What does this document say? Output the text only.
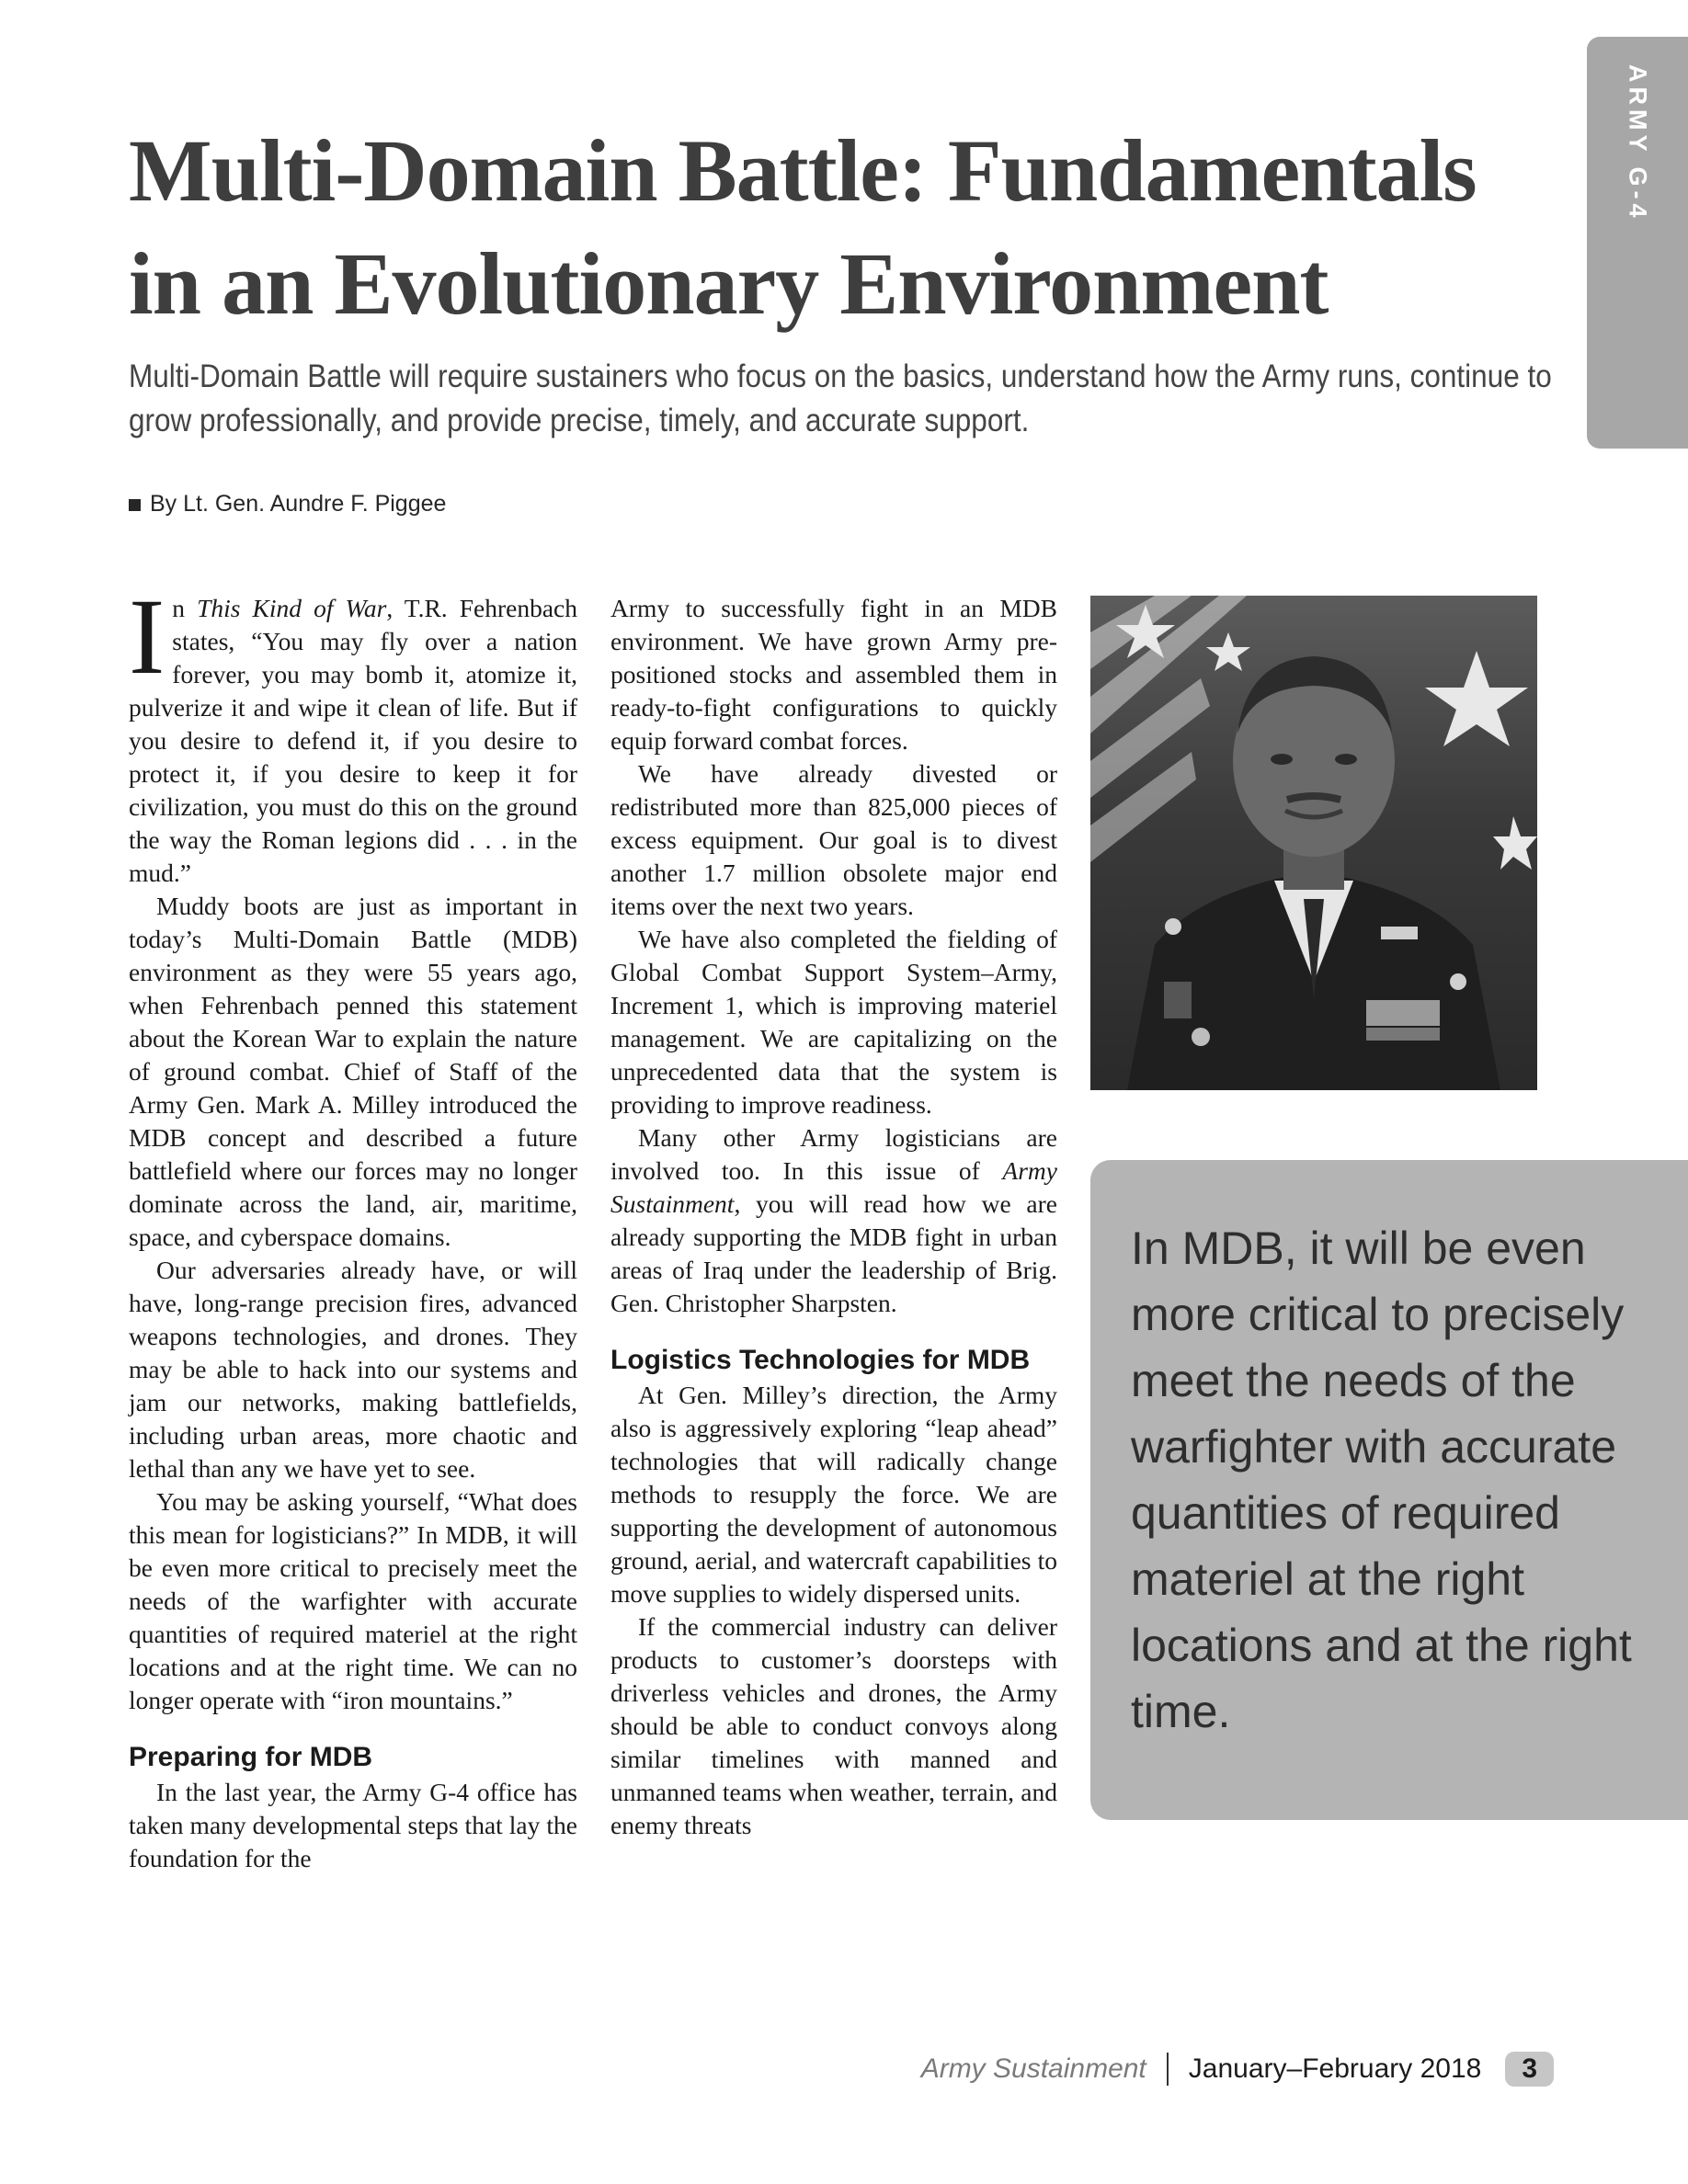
ARMY G-4
Multi-Domain Battle: Fundamentals
in an Evolutionary Environment

Multi-Domain Battle will require sustainers who focus on the basics, understand how the Army runs, continue to grow professionally, and provide precise, timely, and accurate support.

By Lt. Gen. Aundre F. Piggee

In This Kind of War, T.R. Fehrenbach states, “You may fly over a nation forever, you may bomb it, atomize it, pulverize it and wipe it clean of life. But if you desire to defend it, if you desire to protect it, if you desire to keep it for civilization, you must do this on the ground the way the Roman legions did . . . in the mud.”

Muddy boots are just as important in today’s Multi-Domain Battle (MDB) environment as they were 55 years ago, when Fehrenbach penned this statement about the Korean War to explain the nature of ground combat. Chief of Staff of the Army Gen. Mark A. Milley introduced the MDB concept and described a future battlefield where our forces may no longer dominate across the land, air, maritime, space, and cyberspace domains.

Our adversaries already have, or will have, long-range precision fires, advanced weapons technologies, and drones. They may be able to hack into our systems and jam our networks, making battlefields, including urban areas, more chaotic and lethal than any we have yet to see.

You may be asking yourself, “What does this mean for logisticians?” In MDB, it will be even more critical to precisely meet the needs of the warfighter with accurate quantities of required materiel at the right locations and at the right time. We can no longer operate with “iron mountains.”

Preparing for MDB

In the last year, the Army G-4 office has taken many developmental steps that lay the foundation for the

Army to successfully fight in an MDB environment. We have grown Army pre-positioned stocks and assembled them in ready-to-fight configurations to quickly equip forward combat forces.

We have already divested or redistributed more than 825,000 pieces of excess equipment. Our goal is to divest another 1.7 million obsolete major end items over the next two years.

We have also completed the fielding of Global Combat Support System–Army, Increment 1, which is improving materiel management. We are capitalizing on the unprecedented data that the system is providing to improve readiness.

Many other Army logisticians are involved too. In this issue of Army Sustainment, you will read how we are already supporting the MDB fight in urban areas of Iraq under the leadership of Brig. Gen. Christopher Sharpsten.

Logistics Technologies for MDB

At Gen. Milley’s direction, the Army also is aggressively exploring “leap ahead” technologies that will radically change methods to resupply the force. We are supporting the development of autonomous ground, aerial, and watercraft capabilities to move supplies to widely dispersed units.

If the commercial industry can deliver products to customer’s doorsteps with driverless vehicles and drones, the Army should be able to conduct convoys along similar timelines with manned and unmanned teams when weather, terrain, and enemy threats

In MDB, it will be even more critical to precisely meet the needs of the warfighter with accurate quantities of required materiel at the right locations and at the right time.
Army Sustainment January–February 2018	3
